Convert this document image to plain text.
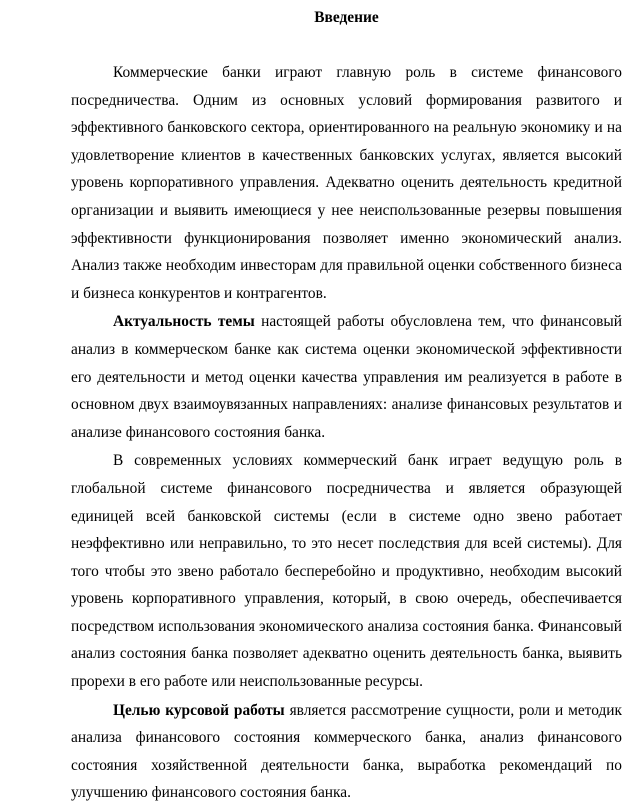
Введение

Коммерческие банки играют главную роль в системе финансового посредничества. Одним из основных условий формирования развитого и эффективного банковского сектора, ориентированного на реальную экономику и на удовлетворение клиентов в качественных банковских услугах, является высокий уровень корпоративного управления. Адекватно оценить деятельность кредитной организации и выявить имеющиеся у нее неиспользованные резервы повышения эффективности функционирования позволяет именно экономический анализ. Анализ также необходим инвесторам для правильной оценки собственного бизнеса и бизнеса конкурентов и контрагентов.

Актуальность темы настоящей работы обусловлена тем, что финансовый анализ в коммерческом банке как система оценки экономической эффективности его деятельности и метод оценки качества управления им реализуется в работе в основном двух взаимоувязанных направлениях: анализе финансовых результатов и анализе финансового состояния банка.

В современных условиях коммерческий банк играет ведущую роль в глобальной системе финансового посредничества и является образующей единицей всей банковской системы (если в системе одно звено работает неэффективно или неправильно, то это несет последствия для всей системы). Для того чтобы это звено работало бесперебойно и продуктивно, необходим высокий уровень корпоративного управления, который, в свою очередь, обеспечивается посредством использования экономического анализа состояния банка. Финансовый анализ состояния банка позволяет адекватно оценить деятельность банка, выявить прорехи в его работе или неиспользованные ресурсы.

Целью курсовой работы является рассмотрение сущности, роли и методик анализа финансового состояния коммерческого банка, анализ финансового состояния хозяйственной деятельности банка, выработка рекомендаций по улучшению финансового состояния банка.
